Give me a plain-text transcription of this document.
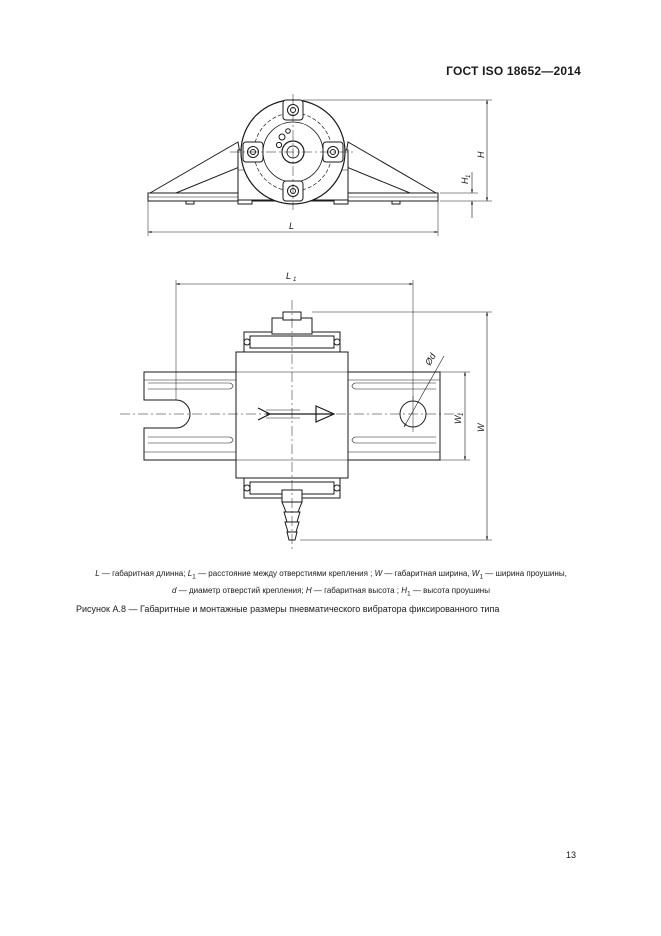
ГОСТ ISO 18652—2014
L
H
H
1
L 1
W
1
W
Ød
L — габаритная длинна; $L_1$ — расстояние между отверстиями крепления ; W — габаритная ширина, $W_1$ — ширина проушины,
d — диаметр отверстий крепления; H — габаритная высота ; $H_1$ — высота проушины
Рисунок А.8 — Габаритные и монтажные размеры пневматического вибратора фиксированного типа
13
